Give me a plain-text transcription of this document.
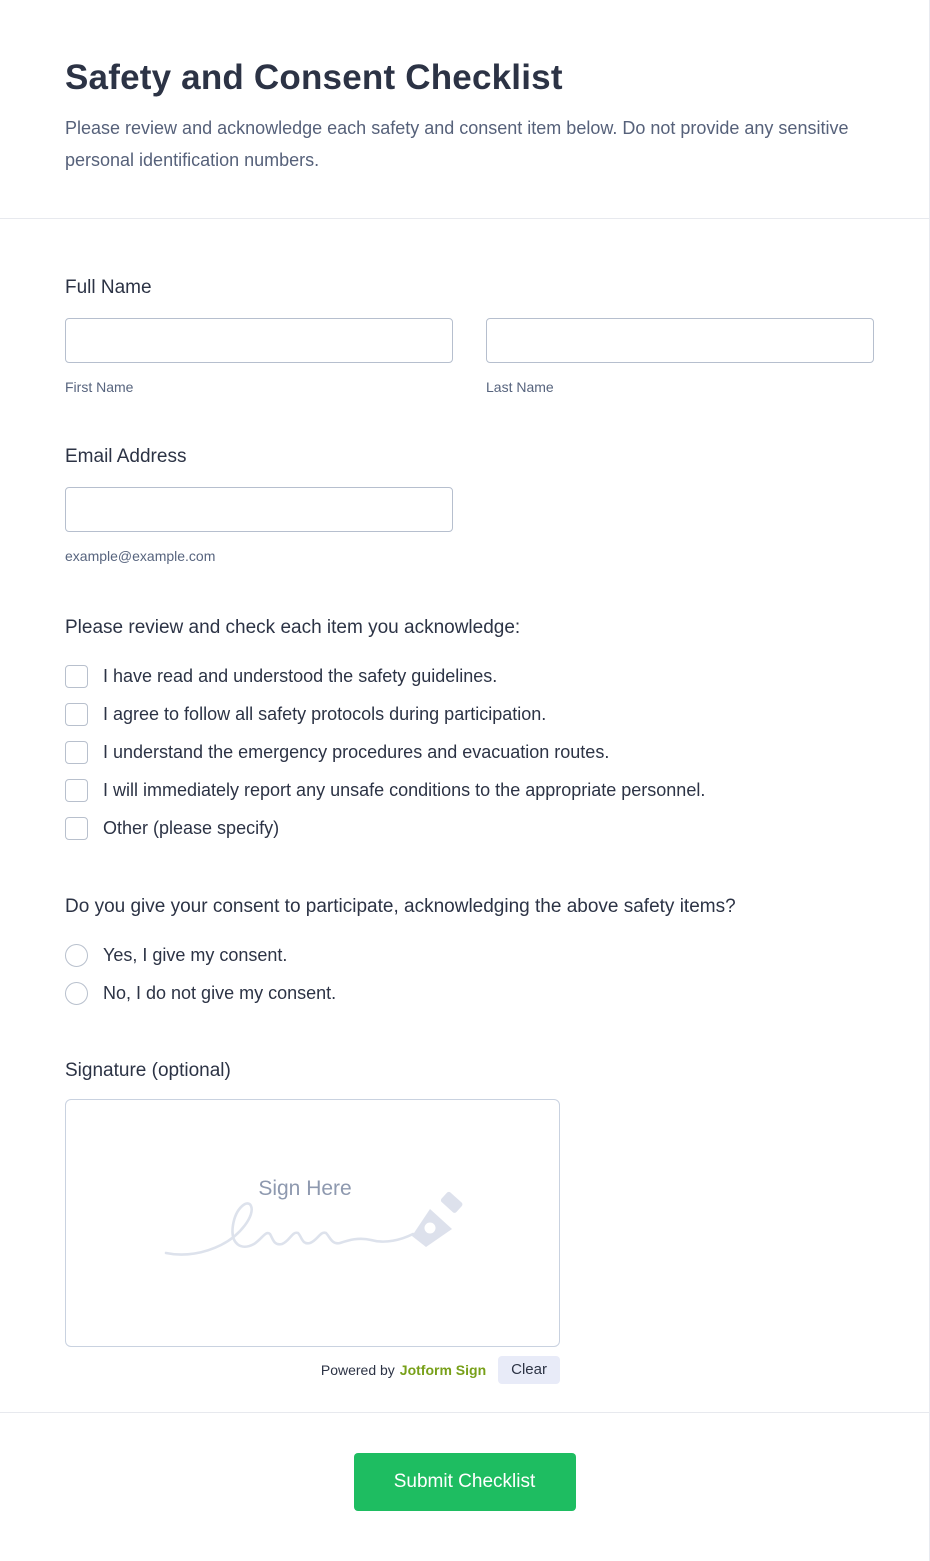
Safety and Consent Checklist

Please review and acknowledge each safety and consent item below. Do not provide any sensitive personal identification numbers.

Full Name
First Name	Last Name
Email Address
example@example.com
Please review and check each item you acknowledge:
I have read and understood the safety guidelines.
I agree to follow all safety protocols during participation.
I understand the emergency procedures and evacuation routes.
I will immediately report any unsafe conditions to the appropriate personnel.
Other (please specify)
Do you give your consent to participate, acknowledging the above safety items?
Yes, I give my consent.
No, I do not give my consent.
Signature (optional)
Sign Here
Powered by Jotform Sign	Clear
Submit Checklist
